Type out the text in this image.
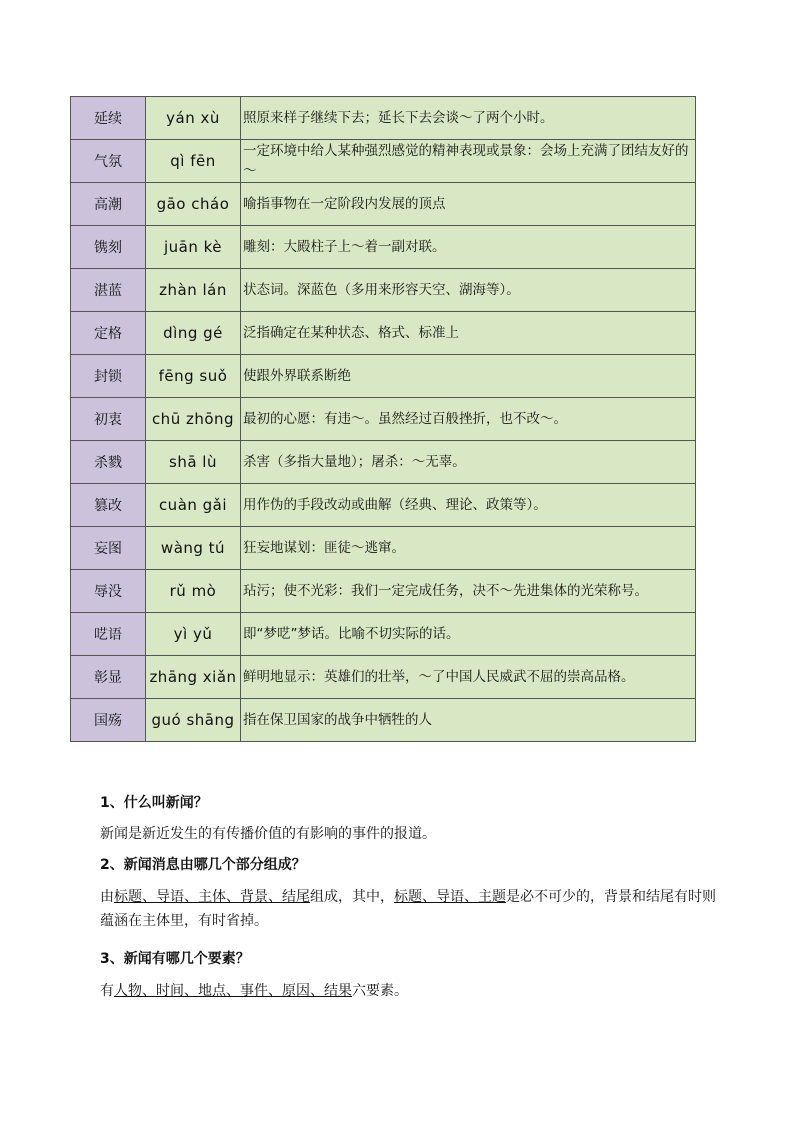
延续	yán xù	照原来样子继续下去；延长下去会谈～了两个小时。
气氛	qì fēn	一定环境中给人某种强烈感觉的精神表现或景象：会场上充满了团结友好的～
高潮	gāo cháo	喻指事物在一定阶段内发展的顶点
镌刻	juān kè	雕刻：大殿柱子上～着一副对联。
湛蓝	zhàn lán	状态词。深蓝色（多用来形容天空、湖海等）。
定格	dìng gé	泛指确定在某种状态、格式、标准上
封锁	fēng suǒ	使跟外界联系断绝
初衷	chū zhōng	最初的心愿：有违～。虽然经过百般挫折，也不改～。
杀戮	shā lù	杀害（多指大量地）；屠杀：～无辜。
篡改	cuàn gǎi	用作伪的手段改动或曲解（经典、理论、政策等）。
妄图	wàng tú	狂妄地谋划：匪徒～逃窜。
辱没	rǔ mò	玷污；使不光彩：我们一定完成任务，决不～先进集体的光荣称号。
呓语	yì yǔ	即“梦呓”梦话。比喻不切实际的话。
彰显	zhāng xiǎn	鲜明地显示：英雄们的壮举，～了中国人民威武不屈的崇高品格。
国殇	guó shāng	指在保卫国家的战争中牺牲的人
1、什么叫新闻？
新闻是新近发生的有传播价值的有影响的事件的报道。
2、新闻消息由哪几个部分组成？
由标题、导语、主体、背景、结尾组成，其中，标题、导语、主题是必不可少的，背景和结尾有时则蕴涵在主体里，有时省掉。
3、新闻有哪几个要素？
有人物、时间、地点、事件、原因、结果六要素。
